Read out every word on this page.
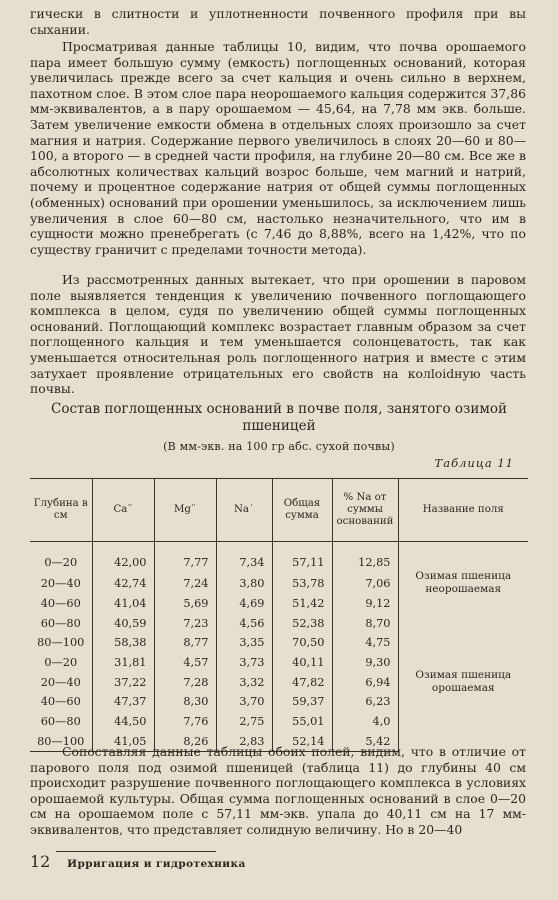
гически в слитности и уплотненности почвенного профиля при вы сыхании.

Просматривая данные таблицы 10, видим, что почва орошаемого пара имеет большую сумму (емкость) поглощенных оснований, которая увеличилась прежде всего за счет кальция и очень сильно в верхнем, пахотном слое. В этом слое пара неорошаемого кальция содержится 37,86 мм-эквивалентов, а в пару орошаемом — 45,64, на 7,78 мм экв. больше. Затем увеличение емкости обмена в отдельных слоях произошло за счет магния и натрия. Содержание первого увеличилось в слоях 20—60 и 80—100, а второго — в средней части профиля, на глубине 20—80 см. Все же в абсолютных количествах кальций возрос больше, чем магний и натрий, почему и процентное содержание натрия от общей суммы поглощенных (обменных) оснований при орошении уменьшилось, за исключением лишь увеличения в слое 60—80 см, настолько незначительного, что им в сущности можно пренебрегать (с 7,46 до 8,88%, всего на 1,42%, что по существу граничит с пределами точности метода).

Из рассмотренных данных вытекает, что при орошении в паровом поле выявляется тенденция к увеличению почвенного поглощающего комплекса в целом, судя по увеличению общей суммы поглощенных оснований. Поглощающий комплекс возрастает главным образом за счет поглощенного кальция и тем уменьшается солонцеватость, так как уменьшается относительная роль поглощенного натрия и вместе с этим затухает проявление отрицательных его свойств на колloidную часть почвы.

Состав поглощенных оснований в почве поля, занятого озимой пшеницей

(В мм-экв. на 100 гр абс. сухой почвы)

Таблица 11
Глубина в см	Ca¨	Mg¨	Na˙	Общая сумма	% Na от суммы оснований	Название поля
0—20	42,00	7,77	7,34	57,11	12,85	Озимая пшеница неорошаемая
20—40	42,74	7,24	3,80	53,78	7,06	
40—60	41,04	5,69	4,69	51,42	9,12	
60—80	40,59	7,23	4,56	52,38	8,70	
80—100	58,38	8,77	3,35	70,50	4,75	
0—20	31,81	4,57	3,73	40,11	9,30	Озимая пшеница орошаемая
20—40	37,22	7,28	3,32	47,82	6,94	
40—60	47,37	8,30	3,70	59,37	6,23	
60—80	44,50	7,76	2,75	55,01	4,0	
80—100	41,05	8,26	2,83	52,14	5,42	

Сопоставляя данные таблицы обоих полей, видим, что в отличие от парового поля под озимой пшеницей (таблица 11) до глубины 40 см происходит разрушение почвенного поглощающего комплекса в условиях орошаемой культуры. Общая сумма поглощенных оснований в слое 0—20 см на орошаемом поле с 57,11 мм-экв. упала до 40,11 см на 17 мм-эквивалентов, что представляет солидную величину. Но в 20—40

12 Ирригация и гидротехника
